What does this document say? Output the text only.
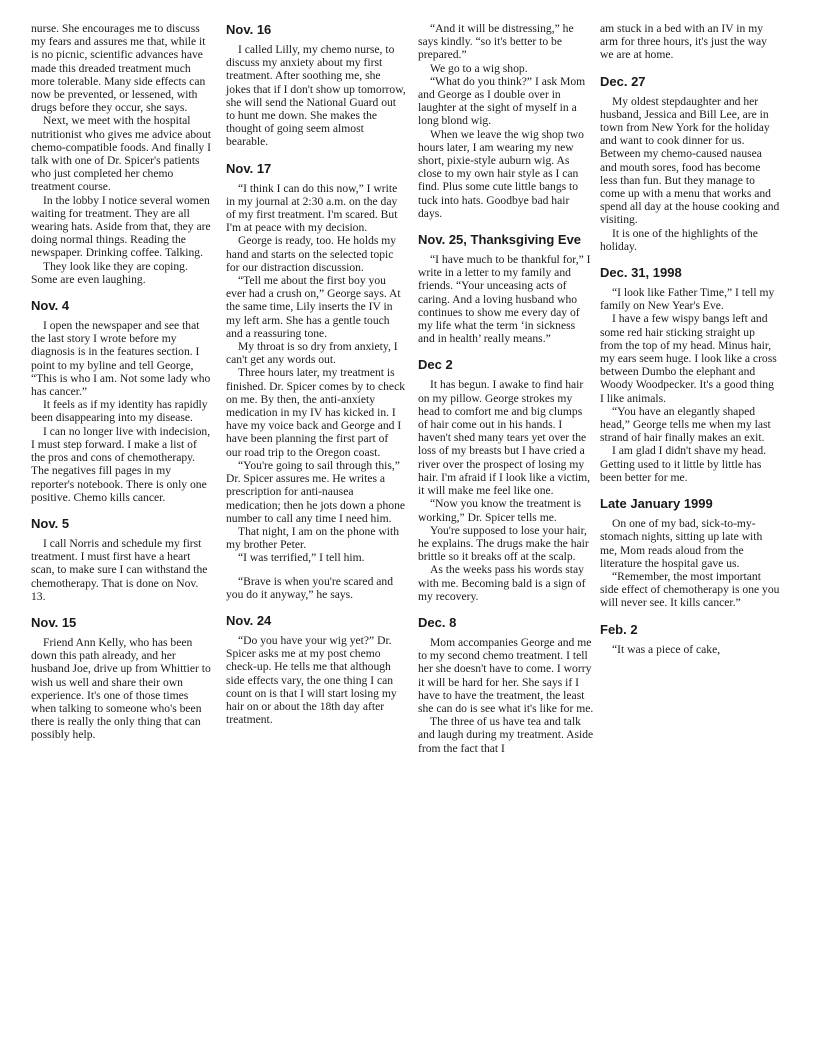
nurse. She encourages me to discuss my fears and assures me that, while it is no picnic, scientific advances have made this dreaded treatment much more tolerable. Many side effects can now be prevented, or lessened, with drugs before they occur, she says.

Next, we meet with the hospital nutritionist who gives me advice about chemo-compatible foods. And finally I talk with one of Dr. Spicer's patients who just completed her chemo treatment course.

In the lobby I notice several women waiting for treatment. They are all wearing hats. Aside from that, they are doing normal things. Reading the newspaper. Drinking coffee. Talking.

They look like they are coping. Some are even laughing.

Nov. 4

I open the newspaper and see that the last story I wrote before my diagnosis is in the features section. I point to my byline and tell George, “This is who I am. Not some lady who has cancer.”

It feels as if my identity has rapidly been disappearing into my disease.

I can no longer live with indecision, I must step forward. I make a list of the pros and cons of chemotherapy. The negatives fill pages in my reporter's notebook. There is only one positive. Chemo kills cancer.

Nov. 5

I call Norris and schedule my first treatment. I must first have a heart scan, to make sure I can withstand the chemotherapy. That is done on Nov. 13.

Nov. 15

Friend Ann Kelly, who has been down this path already, and her husband Joe, drive up from Whittier to wish us well and share their own experience. It's one of those times when talking to someone who's been there is really the only thing that can possibly help.

Nov. 16

I called Lilly, my chemo nurse, to discuss my anxiety about my first treatment. After soothing me, she jokes that if I don't show up tomorrow, she will send the National Guard out to hunt me down. She makes the thought of going seem almost bearable.

Nov. 17

“I think I can do this now,” I write in my journal at 2:30 a.m. on the day of my first treatment. I'm scared. But I'm at peace with my decision.

George is ready, too. He holds my hand and starts on the selected topic for our distraction discussion.

“Tell me about the first boy you ever had a crush on,” George says. At the same time, Lily inserts the IV in my left arm. She has a gentle touch and a reassuring tone.

My throat is so dry from anxiety, I can't get any words out.

Three hours later, my treatment is finished. Dr. Spicer comes by to check on me. By then, the anti-anxiety medication in my IV has kicked in. I have my voice back and George and I have been planning the first part of our road trip to the Oregon coast.

“You're going to sail through this,” Dr. Spicer assures me. He writes a prescription for anti-nausea medication; then he jots down a phone number to call any time I need him.

That night, I am on the phone with my brother Peter.

“I was terrified,” I tell him.

“Brave is when you're scared and you do it anyway,” he says.

Nov. 24

“Do you have your wig yet?” Dr. Spicer asks me at my post chemo check-up. He tells me that although side effects vary, the one thing I can count on is that I will start losing my hair on or about the 18th day after treatment.

“And it will be distressing,” he says kindly. “so it's better to be prepared.”

We go to a wig shop.

“What do you think?” I ask Mom and George as I double over in laughter at the sight of myself in a long blond wig.

When we leave the wig shop two hours later, I am wearing my new short, pixie-style auburn wig. As close to my own hair style as I can find. Plus some cute little bangs to tuck into hats. Goodbye bad hair days.

Nov. 25, Thanksgiving Eve

“I have much to be thankful for,” I write in a letter to my family and friends. “Your unceasing acts of caring. And a loving husband who continues to show me every day of my life what the term ‘in sickness and in health’ really means.”

Dec 2

It has begun. I awake to find hair on my pillow. George strokes my head to comfort me and big clumps of hair come out in his hands. I haven't shed many tears yet over the loss of my breasts but I have cried a river over the prospect of losing my hair. I'm afraid if I look like a victim, it will make me feel like one.

“Now you know the treatment is working,” Dr. Spicer tells me.

You're supposed to lose your hair, he explains. The drugs make the hair brittle so it breaks off at the scalp.

As the weeks pass his words stay with me. Becoming bald is a sign of my recovery.

Dec. 8

Mom accompanies George and me to my second chemo treatment. I tell her she doesn't have to come. I worry it will be hard for her. She says if I have to have the treatment, the least she can do is see what it's like for me.

The three of us have tea and talk and laugh during my treatment. Aside from the fact that I

am stuck in a bed with an IV in my arm for three hours, it's just the way we are at home.

Dec. 27

My oldest stepdaughter and her husband, Jessica and Bill Lee, are in town from New York for the holiday and want to cook dinner for us. Between my chemo-caused nausea and mouth sores, food has become less than fun. But they manage to come up with a menu that works and spend all day at the house cooking and visiting.

It is one of the highlights of the holiday.

Dec. 31, 1998

“I look like Father Time,” I tell my family on New Year's Eve.

I have a few wispy bangs left and some red hair sticking straight up from the top of my head. Minus hair, my ears seem huge. I look like a cross between Dumbo the elephant and Woody Woodpecker. It's a good thing I like animals.

“You have an elegantly shaped head,” George tells me when my last strand of hair finally makes an exit.

I am glad I didn't shave my head. Getting used to it little by little has been better for me.

Late January 1999

On one of my bad, sick-to-my-stomach nights, sitting up late with me, Mom reads aloud from the literature the hospital gave us.

“Remember, the most important side effect of chemotherapy is one you will never see. It kills cancer.”

Feb. 2

“It was a piece of cake,
